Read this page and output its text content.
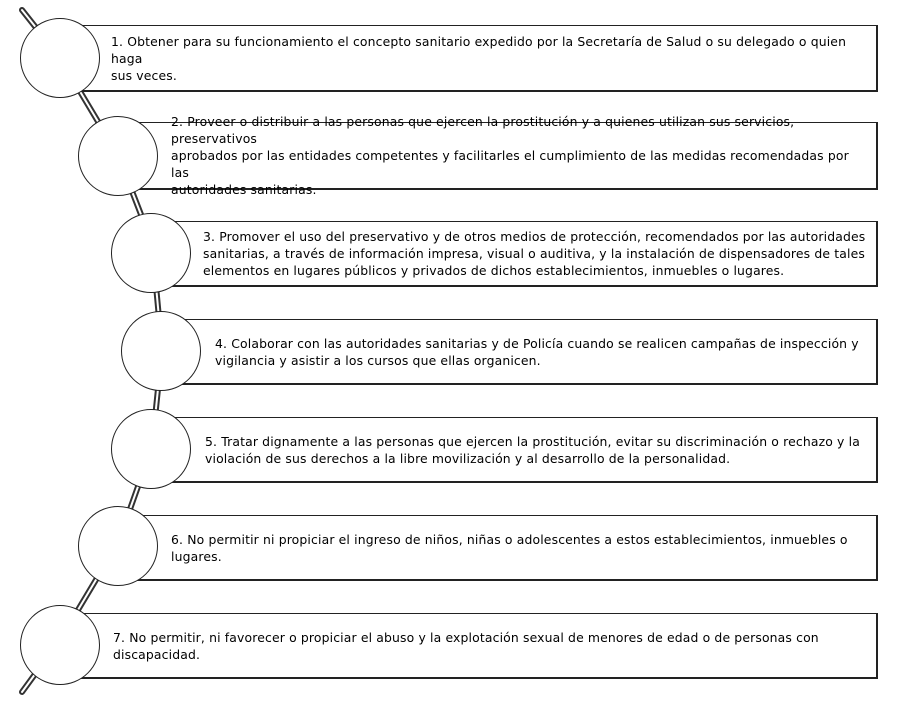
1. Obtener para su funcionamiento el concepto sanitario expedido por la Secretaría de Salud o su delegado o quien haga
sus veces.
2. Proveer o distribuir a las personas que ejercen la prostitución y a quienes utilizan sus servicios, preservativos
aprobados por las entidades competentes y facilitarles el cumplimiento de las medidas recomendadas por las
autoridades sanitarias.
3. Promover el uso del preservativo y de otros medios de protección, recomendados por las autoridades
sanitarias, a través de información impresa, visual o auditiva, y la instalación de dispensadores de tales
elementos en lugares públicos y privados de dichos establecimientos, inmuebles o lugares.
4. Colaborar con las autoridades sanitarias y de Policía cuando se realicen campañas de inspección y
vigilancia y asistir a los cursos que ellas organicen.
5. Tratar dignamente a las personas que ejercen la prostitución, evitar su discriminación o rechazo y la
violación de sus derechos a la libre movilización y al desarrollo de la personalidad.
6. No permitir ni propiciar el ingreso de niños, niñas o adolescentes a estos establecimientos, inmuebles o
lugares.
7. No permitir, ni favorecer o propiciar el abuso y la explotación sexual de menores de edad o de personas con
discapacidad.
